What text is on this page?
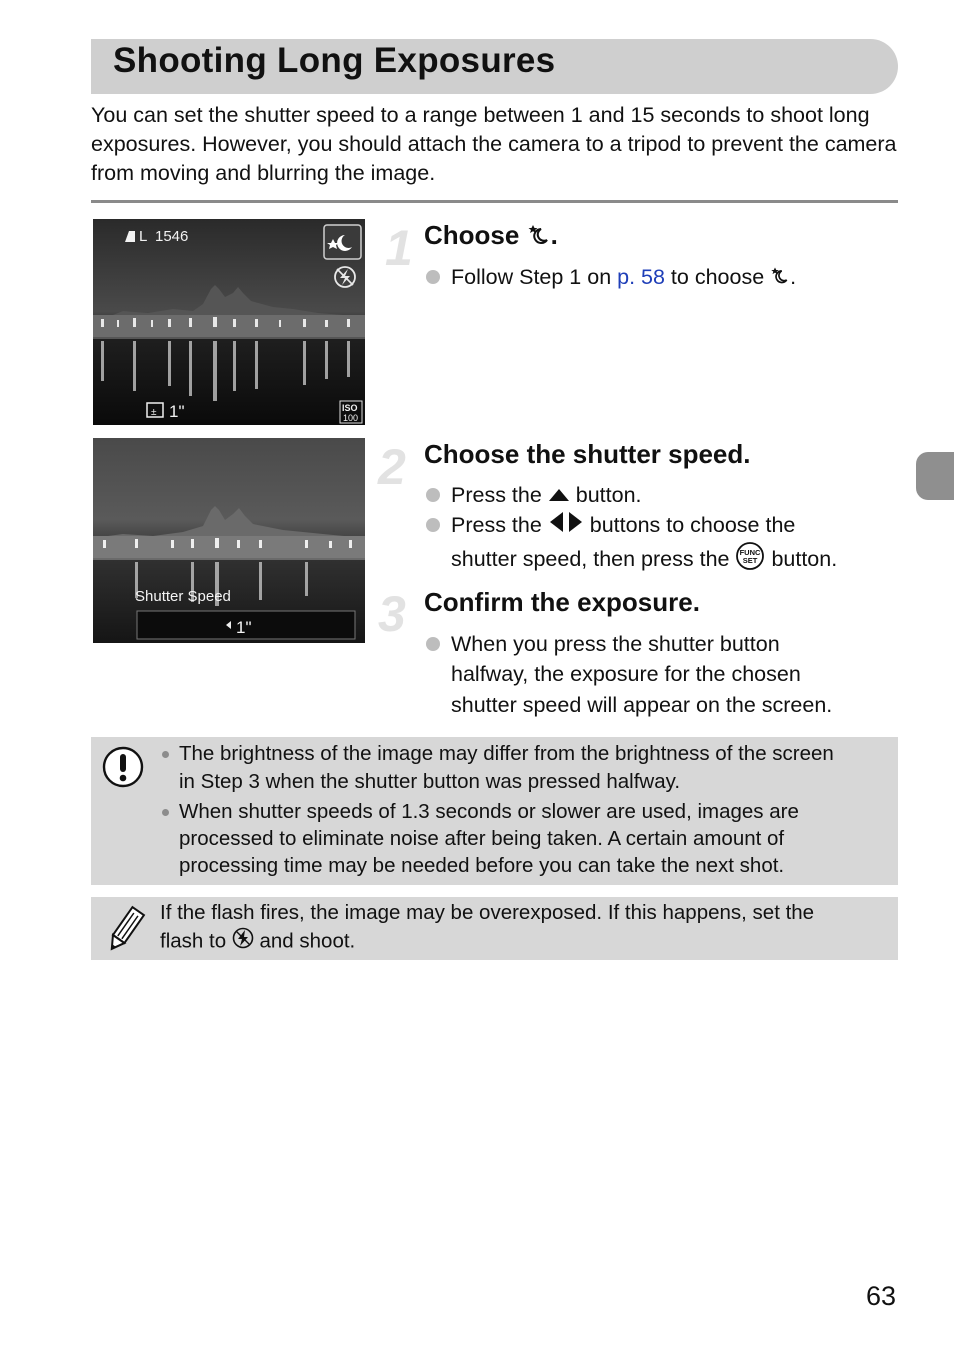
Shooting Long Exposures
You can set the shutter speed to a range between 1 and 15 seconds to shoot long exposures. However, you should attach the camera to a tripod to prevent the camera from moving and blurring the image.
L 1546
± 1"	ISO
100
Shutter Speed
1"
1 Choose .
Follow Step 1 on p. 58 to choose .
2 Choose the shutter speed.
Press the  button.
Press the  buttons to choose the
shutter speed, then press the FUNC
SET button.
3 Confirm the exposure.
When you press the shutter button
halfway, the exposure for the chosen
shutter speed will appear on the screen.
The brightness of the image may differ from the brightness of the screen
in Step 3 when the shutter button was pressed halfway.
When shutter speeds of 1.3 seconds or slower are used, images are
processed to eliminate noise after being taken. A certain amount of
processing time may be needed before you can take the next shot.
If the flash fires, the image may be overexposed. If this happens, set the
flash to  and shoot.
63
